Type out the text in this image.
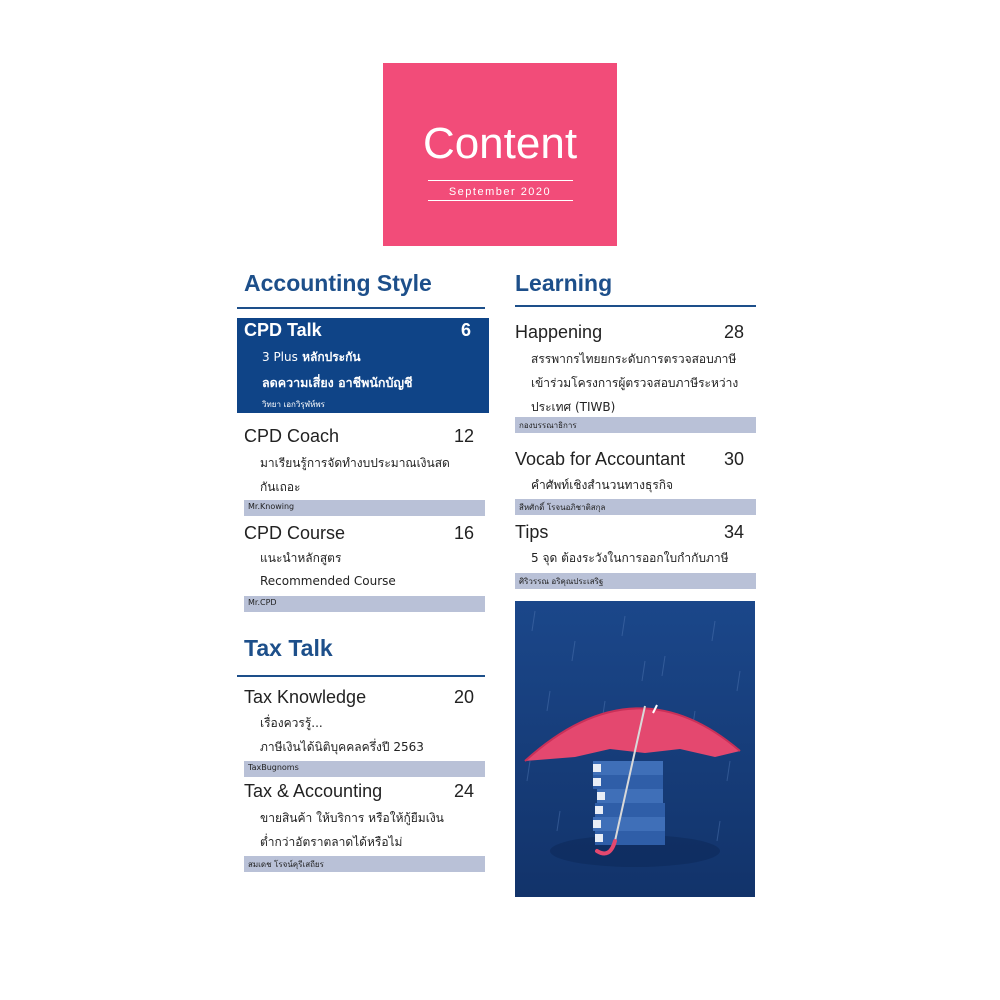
Content
September 2020
Accounting Style
CPD Talk	6
3 Plus หลักประกัน
ลดความเสี่ยง อาชีพนักบัญชี
วิทยา เอกวิรุฬห์พร
CPD Coach	12
มาเรียนรู้การจัดทำงบประมาณเงินสด
กันเถอะ
Mr.Knowing
CPD Course	16
แนะนำหลักสูตร
Recommended Course
Mr.CPD
Tax Talk
Tax Knowledge	20
เรื่องควรรู้...
ภาษีเงินได้นิติบุคคลครึ่งปี 2563
TaxBugnoms
Tax & Accounting	24
ขายสินค้า ให้บริการ หรือให้กู้ยืมเงิน
ต่ำกว่าอัตราตลาดได้หรือไม่
สมเดช โรจน์คุรีเสถียร
Learning
Happening	28
สรรพากรไทยยกระดับการตรวจสอบภาษี
เข้าร่วมโครงการผู้ตรวจสอบภาษีระหว่าง
ประเทศ (TIWB)
กองบรรณาธิการ
Vocab for Accountant 30
คำศัพท์เชิงสำนวนทางธุรกิจ
สีหศักดิ์ โรจนอภิชาติสกุล
Tips	34
5 จุด ต้องระวังในการออกใบกำกับภาษี
ศิริวรรณ อริคุณประเสริฐ
